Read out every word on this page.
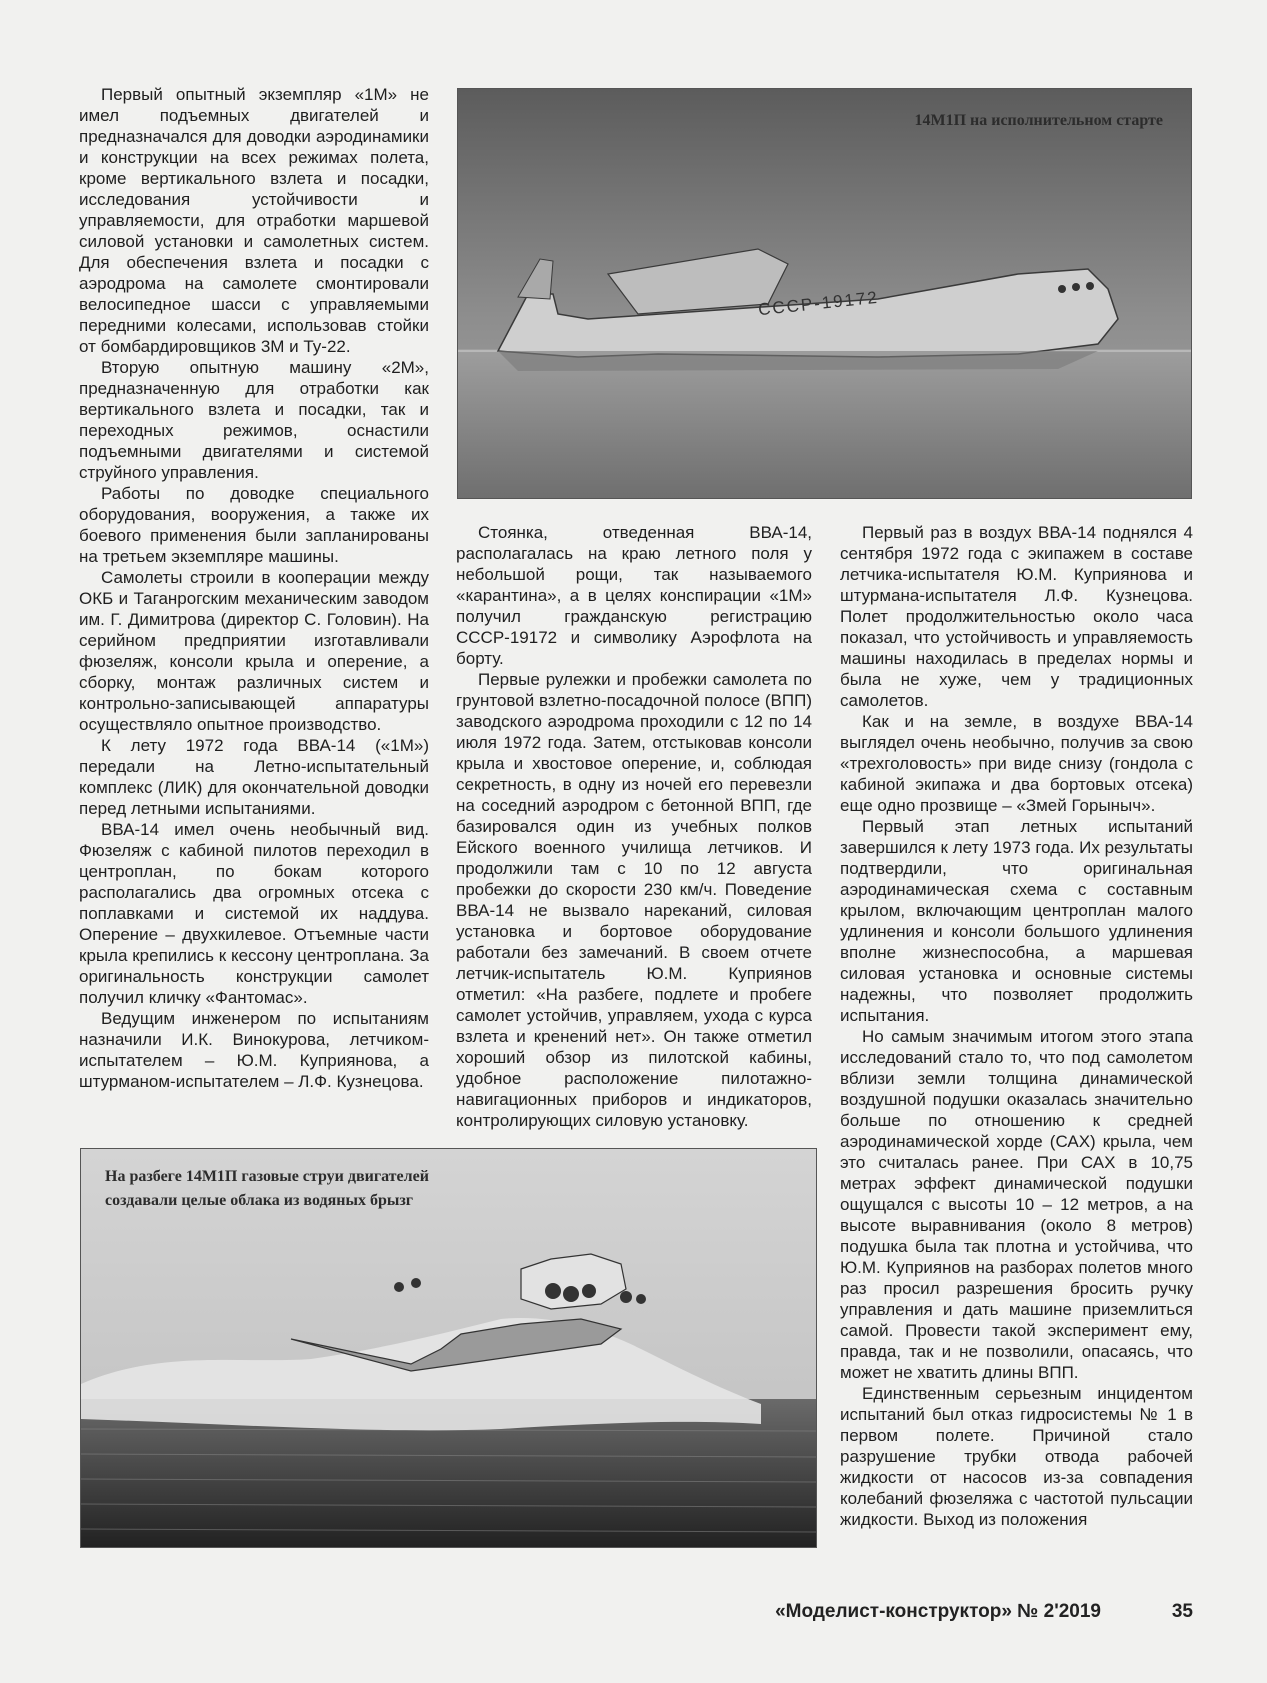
Первый опытный экземпляр «1М» не имел подъемных двигателей и предназначался для доводки аэродинамики и конструкции на всех режимах полета, кроме вертикального взлета и посадки, исследования устойчивости и управляемости, для отработки маршевой силовой установки и самолетных систем. Для обеспечения взлета и посадки с аэродрома на самолете смонтировали велосипедное шасси с управляемыми передними колесами, использовав стойки от бомбардировщиков 3М и Ту-22.

Вторую опытную машину «2М», предназначенную для отработки как вертикального взлета и посадки, так и переходных режимов, оснастили подъемными двигателями и системой струйного управления.

Работы по доводке специального оборудования, вооружения, а также их боевого применения были запланированы на третьем экземпляре машины.

Самолеты строили в кооперации между ОКБ и Таганрогским механическим заводом им. Г. Димитрова (директор С. Головин). На серийном предприятии изготавливали фюзеляж, консоли крыла и оперение, а сборку, монтаж различных систем и контрольно-записывающей аппаратуры осуществляло опытное производство.

К лету 1972 года ВВА-14 («1М») передали на Летно-испытательный комплекс (ЛИК) для окончательной доводки перед летными испытаниями.

ВВА-14 имел очень необычный вид. Фюзеляж с кабиной пилотов переходил в центроплан, по бокам которого располагались два огромных отсека с поплавками и системой их наддува. Оперение – двухкилевое. Отъемные части крыла крепились к кессону центроплана. За оригинальность конструкции самолет получил кличку «Фантомас».

Ведущим инженером по испытаниям назначили И.К. Винокурова, летчиком-испытателем – Ю.М. Куприянова, а штурманом-испытателем – Л.Ф. Кузнецова.

СССР-19172
14М1П на исполнительном старте

Стоянка, отведенная ВВА-14, располагалась на краю летного поля у небольшой рощи, так называемого «карантина», а в целях конспирации «1М» получил гражданскую регистрацию СССР-19172 и символику Аэрофлота на борту.

Первые рулежки и пробежки самолета по грунтовой взлетно-посадочной полосе (ВПП) заводского аэродрома проходили с 12 по 14 июля 1972 года. Затем, отстыковав консоли крыла и хвостовое оперение, и, соблюдая секретность, в одну из ночей его перевезли на соседний аэродром с бетонной ВПП, где базировался один из учебных полков Ейского военного училища летчиков. И продолжили там с 10 по 12 августа пробежки до скорости 230 км/ч. Поведение ВВА-14 не вызвало нареканий, силовая установка и бортовое оборудование работали без замечаний. В своем отчете летчик-испытатель Ю.М. Куприянов отметил: «На разбеге, подлете и пробеге самолет устойчив, управляем, ухода с курса взлета и кренений нет». Он также отметил хороший обзор из пилотской кабины, удобное расположение пилотажно-навигационных приборов и индикаторов, контролирующих силовую установку.

Первый раз в воздух ВВА-14 поднялся 4 сентября 1972 года с экипажем в составе летчика-испытателя Ю.М. Куприянова и штурмана-испытателя Л.Ф. Кузнецова. Полет продолжительностью около часа показал, что устойчивость и управляемость машины находилась в пределах нормы и была не хуже, чем у традиционных самолетов.

Как и на земле, в воздухе ВВА-14 выглядел очень необычно, получив за свою «трехголовость» при виде снизу (гондола с кабиной экипажа и два бортовых отсека) еще одно прозвище – «Змей Горыныч».

Первый этап летных испытаний завершился к лету 1973 года. Их результаты подтвердили, что оригинальная аэродинамическая схема с составным крылом, включающим центроплан малого удлинения и консоли большого удлинения вполне жизнеспособна, а маршевая силовая установка и основные системы надежны, что позволяет продолжить испытания.

Но самым значимым итогом этого этапа исследований стало то, что под самолетом вблизи земли толщина динамической воздушной подушки оказалась значительно больше по отношению к средней аэродинамической хорде (САХ) крыла, чем это считалась ранее. При САХ в 10,75 метрах эффект динамической подушки ощущался с высоты 10 – 12 метров, а на высоте выравнивания (около 8 метров) подушка была так плотна и устойчива, что Ю.М. Куприянов на разборах полетов много раз просил разрешения бросить ручку управления и дать машине приземлиться самой. Провести такой эксперимент ему, правда, так и не позволили, опасаясь, что может не хватить длины ВПП.

Единственным серьезным инцидентом испытаний был отказ гидросистемы № 1 в первом полете. Причиной стало разрушение трубки отвода рабочей жидкости от насосов из-за совпадения колебаний фюзеляжа с частотой пульсации жидкости. Выход из положения

На разбеге 14М1П газовые струи двигателей
создавали целые облака из водяных брызг
«Моделист-конструктор» № 2'2019	35
